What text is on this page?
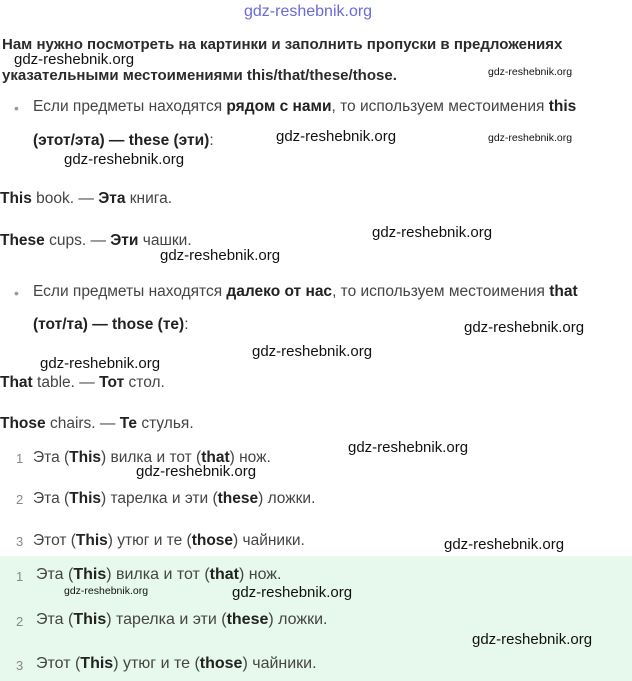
gdz-reshebnik.org
Нам нужно посмотреть на картинки и заполнить пропуски в предложениях
gdz-reshebnik.org
указательными местоимениями this/that/these/those.	gdz-reshebnik.org
• Если предметы находятся рядом с нами, то используем местоимения this
(этот/эта) — these (эти):	gdz-reshebnik.org	gdz-reshebnik.org
gdz-reshebnik.org
This book. — Эта книга.
gdz-reshebnik.org
These cups. — Эти чашки.
gdz-reshebnik.org
• Если предметы находятся далеко от нас, то используем местоимения that
(тот/та) — those (те):	gdz-reshebnik.org
gdz-reshebnik.org
gdz-reshebnik.org
That table. — Тот стол.
Those chairs. — Те стулья.
gdz-reshebnik.org
1 Эта (This) вилка и тот (that) нож.
gdz-reshebnik.org
2 Эта (This) тарелка и эти (these) ложки.
3 Этот (This) утюг и те (those) чайники.	gdz-reshebnik.org
1 Эта (This) вилка и тот (that) нож.
gdz-reshebnik.org	gdz-reshebnik.org
2 Эта (This) тарелка и эти (these) ложки.
gdz-reshebnik.org
3 Этот (This) утюг и те (those) чайники.
